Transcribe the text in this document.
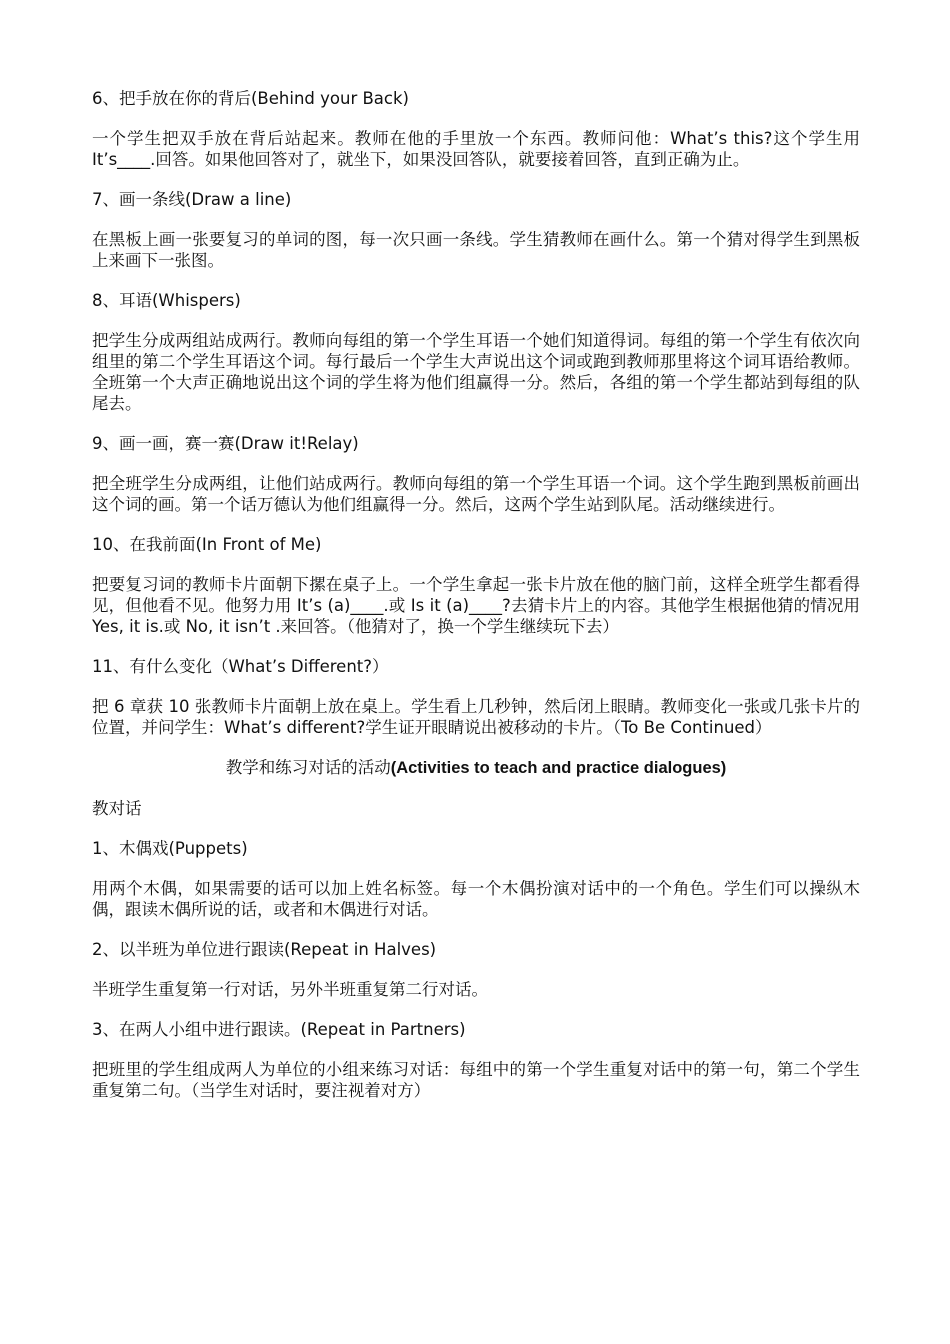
6、把手放在你的背后(Behind your Back)

一个学生把双手放在背后站起来。教师在他的手里放一个东西。教师问他：What’s this?这个学生用 It’s____.回答。如果他回答对了，就坐下，如果没回答队，就要接着回答，直到正确为止。

7、画一条线(Draw a line)

在黑板上画一张要复习的单词的图，每一次只画一条线。学生猜教师在画什么。第一个猜对得学生到黑板上来画下一张图。

8、耳语(Whispers)

把学生分成两组站成两行。教师向每组的第一个学生耳语一个她们知道得词。每组的第一个学生有依次向组里的第二个学生耳语这个词。每行最后一个学生大声说出这个词或跑到教师那里将这个词耳语给教师。全班第一个大声正确地说出这个词的学生将为他们组赢得一分。然后，各组的第一个学生都站到每组的队尾去。

9、画一画，赛一赛(Draw it!Relay)

把全班学生分成两组，让他们站成两行。教师向每组的第一个学生耳语一个词。这个学生跑到黑板前画出这个词的画。第一个话万德认为他们组赢得一分。然后，这两个学生站到队尾。活动继续进行。

10、在我前面(In Front of Me)

把要复习词的教师卡片面朝下摞在桌子上。一个学生拿起一张卡片放在他的脑门前，这样全班学生都看得见，但他看不见。他努力用 It’s (a)____.或 Is it (a)____?去猜卡片上的内容。其他学生根据他猜的情况用 Yes, it is.或 No, it isn’t .来回答。（他猜对了，换一个学生继续玩下去）

11、有什么变化（What’s Different?）

把 6 章获 10 张教师卡片面朝上放在桌上。学生看上几秒钟，然后闭上眼睛。教师变化一张或几张卡片的位置，并问学生：What’s different?学生证开眼睛说出被移动的卡片。（To Be Continued）

教学和练习对话的活动(Activities to teach and practice dialogues)

教对话

1、木偶戏(Puppets)

用两个木偶，如果需要的话可以加上姓名标签。每一个木偶扮演对话中的一个角色。学生们可以操纵木偶，跟读木偶所说的话，或者和木偶进行对话。

2、以半班为单位进行跟读(Repeat in Halves)

半班学生重复第一行对话，另外半班重复第二行对话。

3、在两人小组中进行跟读。(Repeat in Partners)

把班里的学生组成两人为单位的小组来练习对话：每组中的第一个学生重复对话中的第一句，第二个学生重复第二句。（当学生对话时，要注视着对方）
